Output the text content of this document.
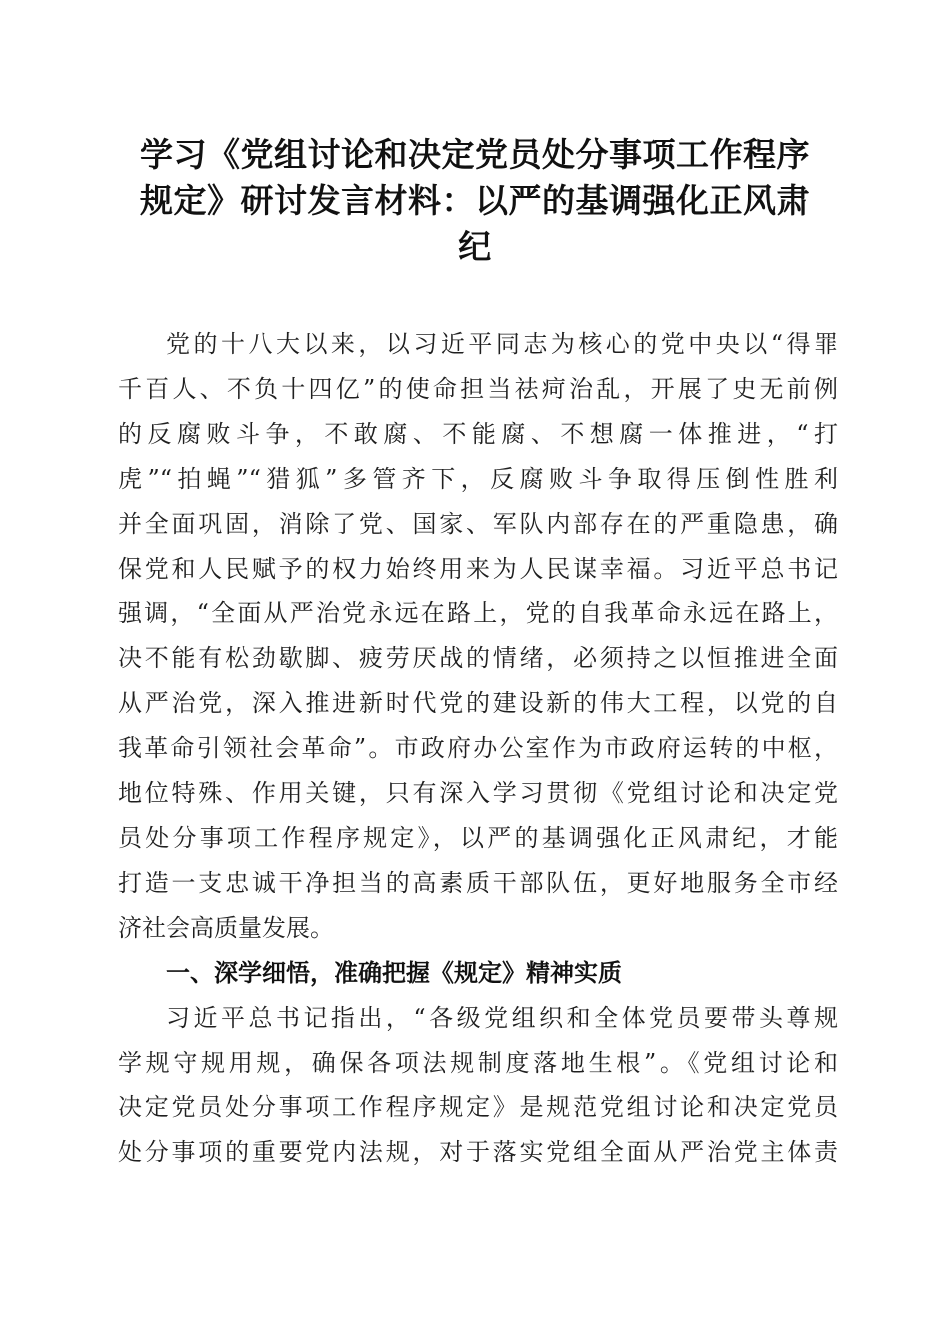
学习《党组讨论和决定党员处分事项工作程序
规定》研讨发言材料：以严的基调强化正风肃
纪

党的十八大以来，以习近平同志为核心的党中央以“得罪
千百人、不负十四亿”的使命担当祛疴治乱，开展了史无前例
的反腐败斗争，不敢腐、不能腐、不想腐一体推进，“打
虎”“拍蝇”“猎狐”多管齐下，反腐败斗争取得压倒性胜利
并全面巩固，消除了党、国家、军队内部存在的严重隐患，确
保党和人民赋予的权力始终用来为人民谋幸福。习近平总书记
强调，“全面从严治党永远在路上，党的自我革命永远在路上，
决不能有松劲歇脚、疲劳厌战的情绪，必须持之以恒推进全面
从严治党，深入推进新时代党的建设新的伟大工程，以党的自
我革命引领社会革命”。市政府办公室作为市政府运转的中枢，
地位特殊、作用关键，只有深入学习贯彻《党组讨论和决定党
员处分事项工作程序规定》，以严的基调强化正风肃纪，才能
打造一支忠诚干净担当的高素质干部队伍，更好地服务全市经
济社会高质量发展。

一、深学细悟，准确把握《规定》精神实质

习近平总书记指出，“各级党组织和全体党员要带头尊规
学规守规用规，确保各项法规制度落地生根”。《党组讨论和
决定党员处分事项工作程序规定》是规范党组讨论和决定党员
处分事项的重要党内法规，对于落实党组全面从严治党主体责
